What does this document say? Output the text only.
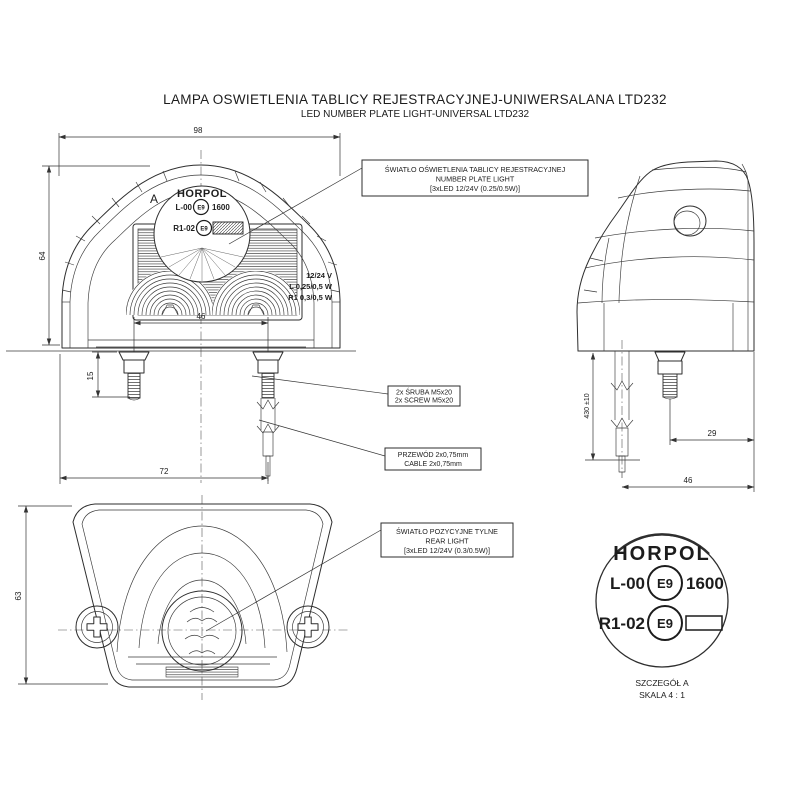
LAMPA OSWIETLENIA TABLICY REJESTRACYJNEJ-UNIWERSALANA LTD232
LED NUMBER PLATE LIGHT-UNIVERSAL LTD232
HORPOL
L-00 E9 1600
R1-02 E9
A
12/24 V
L 0,25/0,5 W
R1 0,3/0,5 W
98
64
46
15
72
430 ±10
29
46
63
HORPOL
L-00 E9 1600
R1-02 E9
SZCZEGÓŁ A
SKALA 4 : 1
ŚWIATŁO OŚWIETLENIA TABLICY REJESTRACYJNEJ
NUMBER PLATE LIGHT
[3xLED 12/24V (0.25/0.5W)]
2x ŚRUBA M5x20
2x SCREW M5x20
PRZEWÓD 2x0,75mm
CABLE 2x0,75mm
ŚWIATŁO POZYCYJNE TYLNE
REAR LIGHT
[3xLED 12/24V (0.3/0.5W)]
